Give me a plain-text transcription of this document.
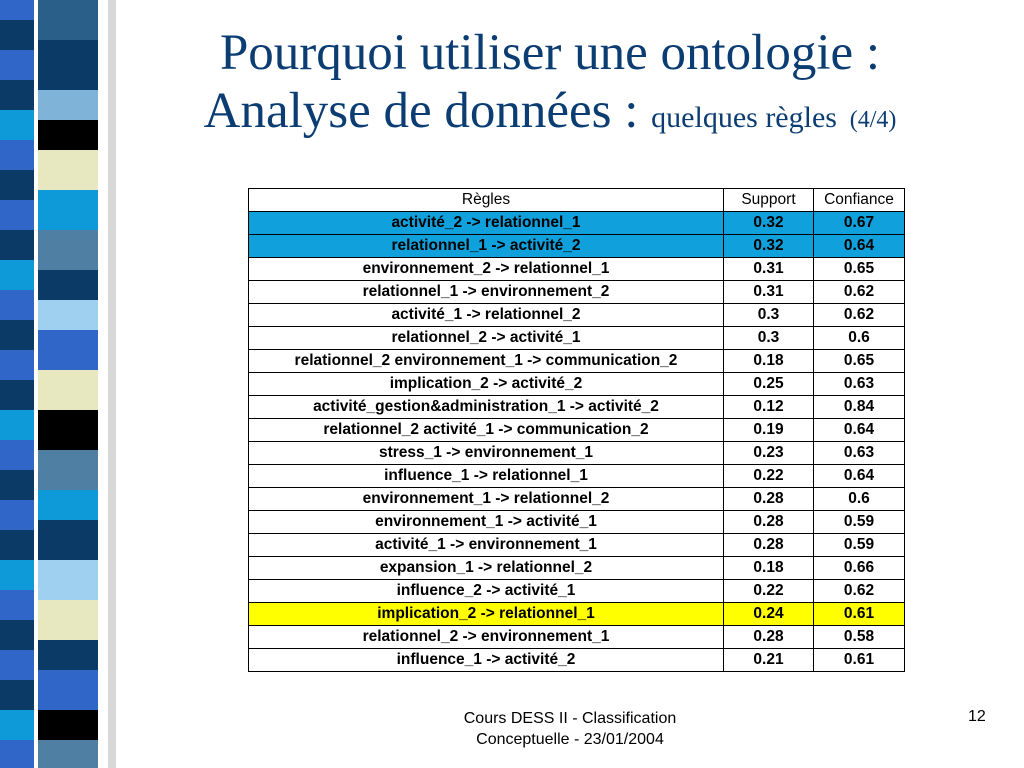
Pourquoi utiliser une ontologie :
Analyse de données : quelques règles (4/4)
Règles	Support	Confiance
activité_2 -> relationnel_1	0.32	0.67
relationnel_1 -> activité_2	0.32	0.64
environnement_2 -> relationnel_1	0.31	0.65
relationnel_1 -> environnement_2	0.31	0.62
activité_1 -> relationnel_2	0.3	0.62
relationnel_2 -> activité_1	0.3	0.6
relationnel_2 environnement_1 -> communication_2	0.18	0.65
implication_2 -> activité_2	0.25	0.63
activité_gestion&administration_1 -> activité_2	0.12	0.84
relationnel_2 activité_1 -> communication_2	0.19	0.64
stress_1 -> environnement_1	0.23	0.63
influence_1 -> relationnel_1	0.22	0.64
environnement_1 -> relationnel_2	0.28	0.6
environnement_1 -> activité_1	0.28	0.59
activité_1 -> environnement_1	0.28	0.59
expansion_1 -> relationnel_2	0.18	0.66
influence_2 -> activité_1	0.22	0.62
implication_2 -> relationnel_1	0.24	0.61
relationnel_2 -> environnement_1	0.28	0.58
influence_1 -> activité_2	0.21	0.61
Cours DESS II - Classification
Conceptuelle - 23/01/2004
12
